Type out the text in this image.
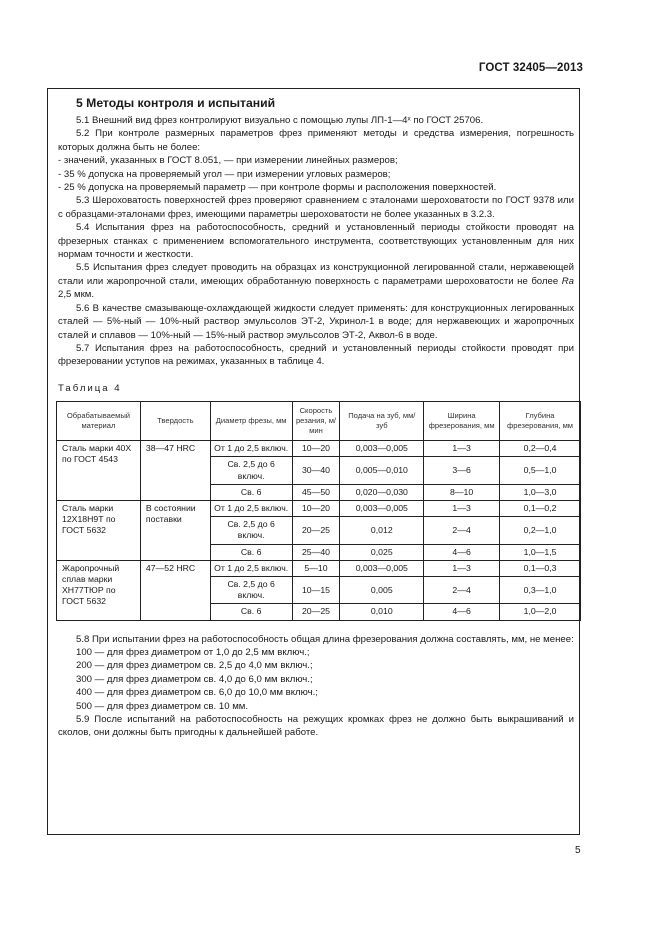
ГОСТ 32405—2013
5 Методы контроля и испытаний

5.1 Внешний вид фрез контролируют визуально с помощью лупы ЛП-1—4ˣ по ГОСТ 25706.

5.2 При контроле размерных параметров фрез применяют методы и средства измерения, погрешность которых должна быть не более:

- значений, указанных в ГОСТ 8.051, — при измерении линейных размеров;

- 35 % допуска на проверяемый угол — при измерении угловых размеров;

- 25 % допуска на проверяемый параметр — при контроле формы и расположения поверхностей.

5.3 Шероховатость поверхностей фрез проверяют сравнением с эталонами шероховатости по ГОСТ 9378 или с образцами-эталонами фрез, имеющими параметры шероховатости не более указанных в 3.2.3.

5.4 Испытания фрез на работоспособность, средний и установленный периоды стойкости проводят на фрезерных станках с применением вспомогательного инструмента, соответствующих установленным для них нормам точности и жесткости.

5.5 Испытания фрез следует проводить на образцах из конструкционной легированной стали, нержавеющей стали или жаропрочной стали, имеющих обработанную поверхность с параметрами шероховатости не более Ra 2,5 мкм.

5.6 В качестве смазывающе-охлаждающей жидкости следует применять: для конструкционных легированных сталей — 5%-ный — 10%-ный раствор эмульсолов ЭТ-2, Укринол-1 в воде; для нержавеющих и жаропрочных сталей и сплавов — 10%-ный — 15%-ный раствор эмульсолов ЭТ-2, Аквол-6 в воде.

5.7 Испытания фрез на работоспособность, средний и установленный периоды стойкости проводят при фрезеровании уступов на режимах, указанных в таблице 4.

Таблица 4
Обрабатываемый материал	Твердость	Диаметр фрезы, мм	Скорость резания, м/мин	Подача на зуб, мм/зуб	Ширина фрезерования, мм	Глубина фрезерования, мм
Сталь марки 40Х по ГОСТ 4543	38—47 HRC	От 1 до 2,5 включ.	10—20	0,003—0,005	1—3	0,2—0,4
		Св. 2,5 до 6 включ.	30—40	0,005—0,010	3—6	0,5—1,0
		Св. 6	45—50	0,020—0,030	8—10	1,0—3,0
Сталь марки 12Х18Н9Т по ГОСТ 5632	В состоянии поставки	От 1 до 2,5 включ.	10—20	0,003—0,005	1—3	0,1—0,2
		Св. 2,5 до 6 включ.	20—25	0,012	2—4	0,2—1,0
		Св. 6	25—40	0,025	4—6	1,0—1,5
Жаропрочный сплав марки ХН77ТЮР по ГОСТ 5632	47—52 HRC	От 1 до 2,5 включ.	5—10	0,003—0,005	1—3	0,1—0,3
		Св. 2,5 до 6 включ.	10—15	0,005	2—4	0,3—1,0
		Св. 6	20—25	0,010	4—6	1,0—2,0

5.8 При испытании фрез на работоспособность общая длина фрезерования должна составлять, мм, не менее:

100 — для фрез диаметром от 1,0 до 2,5 мм включ.;

200 — для фрез диаметром св. 2,5 до 4,0 мм включ.;

300 — для фрез диаметром св. 4,0 до 6,0 мм включ.;

400 — для фрез диаметром св. 6,0 до 10,0 мм включ.;

500 — для фрез диаметром св. 10 мм.

5.9 После испытаний на работоспособность на режущих кромках фрез не должно быть выкрашиваний и сколов, они должны быть пригодны к дальнейшей работе.

5
